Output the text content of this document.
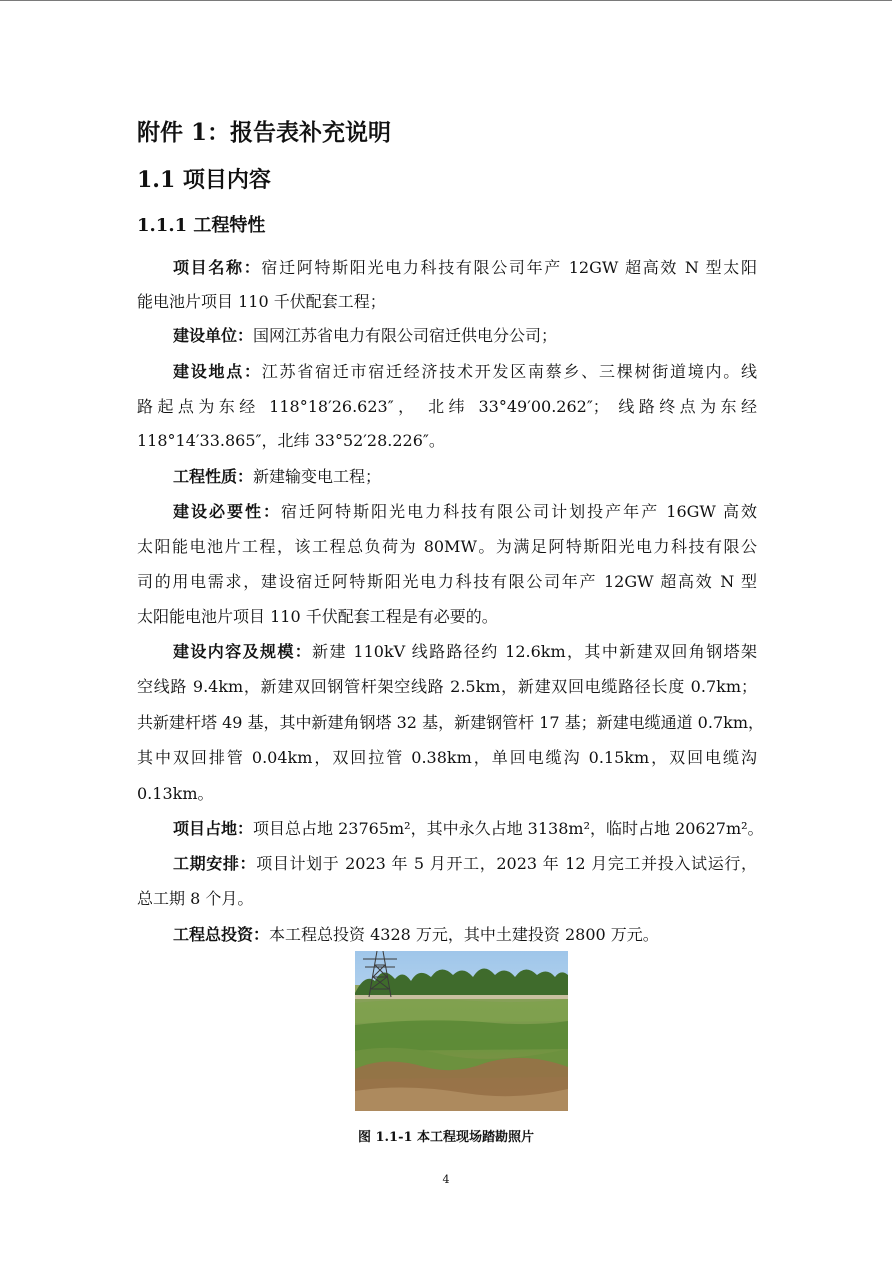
附件 1：报告表补充说明
1.1 项目内容
1.1.1 工程特性
项目名称：宿迁阿特斯阳光电力科技有限公司年产 12GW 超高效 N 型太阳
能电池片项目 110 千伏配套工程；
建设单位：国网江苏省电力有限公司宿迁供电分公司；
建设地点：江苏省宿迁市宿迁经济技术开发区南蔡乡、三棵树街道境内。线
路起点为东经 118°18′26.623″， 北纬 33°49′00.262″； 线路终点为东经
118°14′33.865″，北纬 33°52′28.226″。
工程性质：新建输变电工程；
建设必要性：宿迁阿特斯阳光电力科技有限公司计划投产年产 16GW 高效
太阳能电池片工程，该工程总负荷为 80MW。为满足阿特斯阳光电力科技有限公
司的用电需求，建设宿迁阿特斯阳光电力科技有限公司年产 12GW 超高效 N 型
太阳能电池片项目 110 千伏配套工程是有必要的。
建设内容及规模：新建 110kV 线路路径约 12.6km，其中新建双回角钢塔架
空线路 9.4km，新建双回钢管杆架空线路 2.5km，新建双回电缆路径长度 0.7km；
共新建杆塔 49 基，其中新建角钢塔 32 基，新建钢管杆 17 基；新建电缆通道 0.7km，
其中双回排管 0.04km，双回拉管 0.38km，单回电缆沟 0.15km，双回电缆沟
0.13km。
项目占地：项目总占地 23765m²，其中永久占地 3138m²，临时占地 20627m²。
工期安排：项目计划于 2023 年 5 月开工，2023 年 12 月完工并投入试运行，
总工期 8 个月。
工程总投资：本工程总投资 4328 万元，其中土建投资 2800 万元。
图 1.1-1 本工程现场踏勘照片
4
